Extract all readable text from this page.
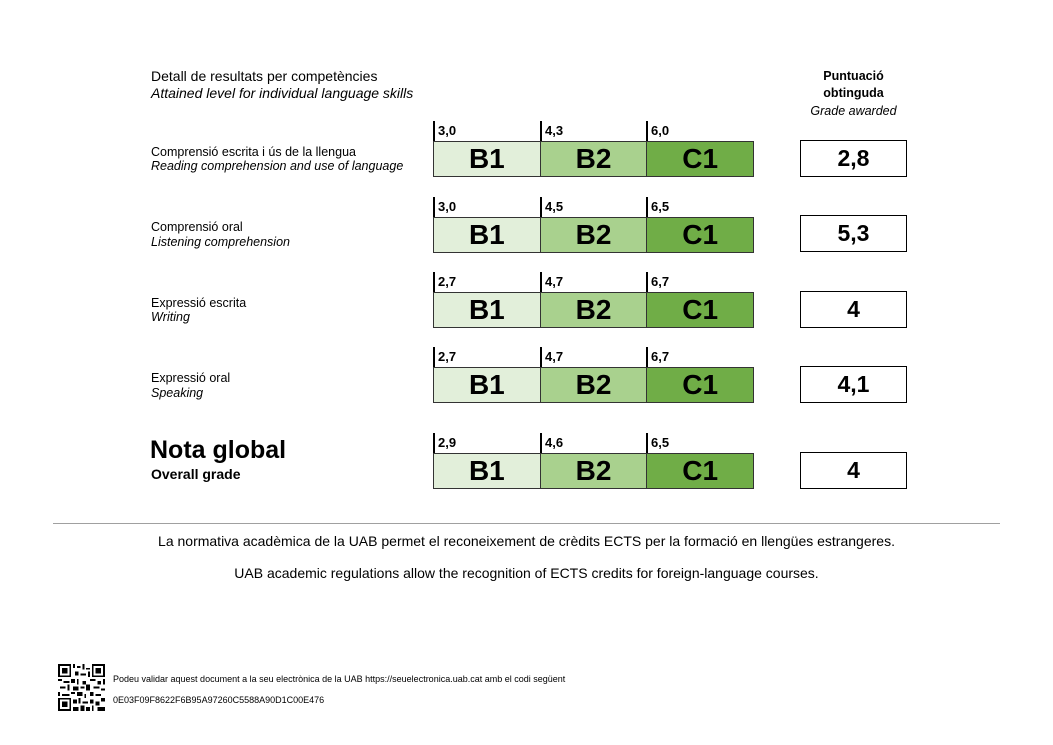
Detall de resultats per competències
Attained level for individual language skills
Puntuació obtinguda
Grade awarded
Comprensió escrita i ús de la llengua
Reading comprehension and use of language
3,0	4,3	6,0
B1	B2	C1	2,8
Comprensió oral
Listening comprehension
3,0	4,5	6,5
B1	B2	C1	5,3
Expressió escrita
Writing
2,7	4,7	6,7
B1	B2	C1	4
Expressió oral
Speaking
2,7	4,7	6,7
B1	B2	C1	4,1
Nota global
Overall grade
2,9	4,6	6,5
B1	B2	C1	4
La normativa acadèmica de la UAB permet el reconeixement de crèdits ECTS per la formació en llengües estrangeres.
UAB academic regulations allow the recognition of ECTS credits for foreign-language courses.
Podeu validar aquest document a la seu electrònica de la UAB https://seuelectronica.uab.cat amb el codi següent
0E03F09F8622F6B95A97260C5588A90D1C00E476
